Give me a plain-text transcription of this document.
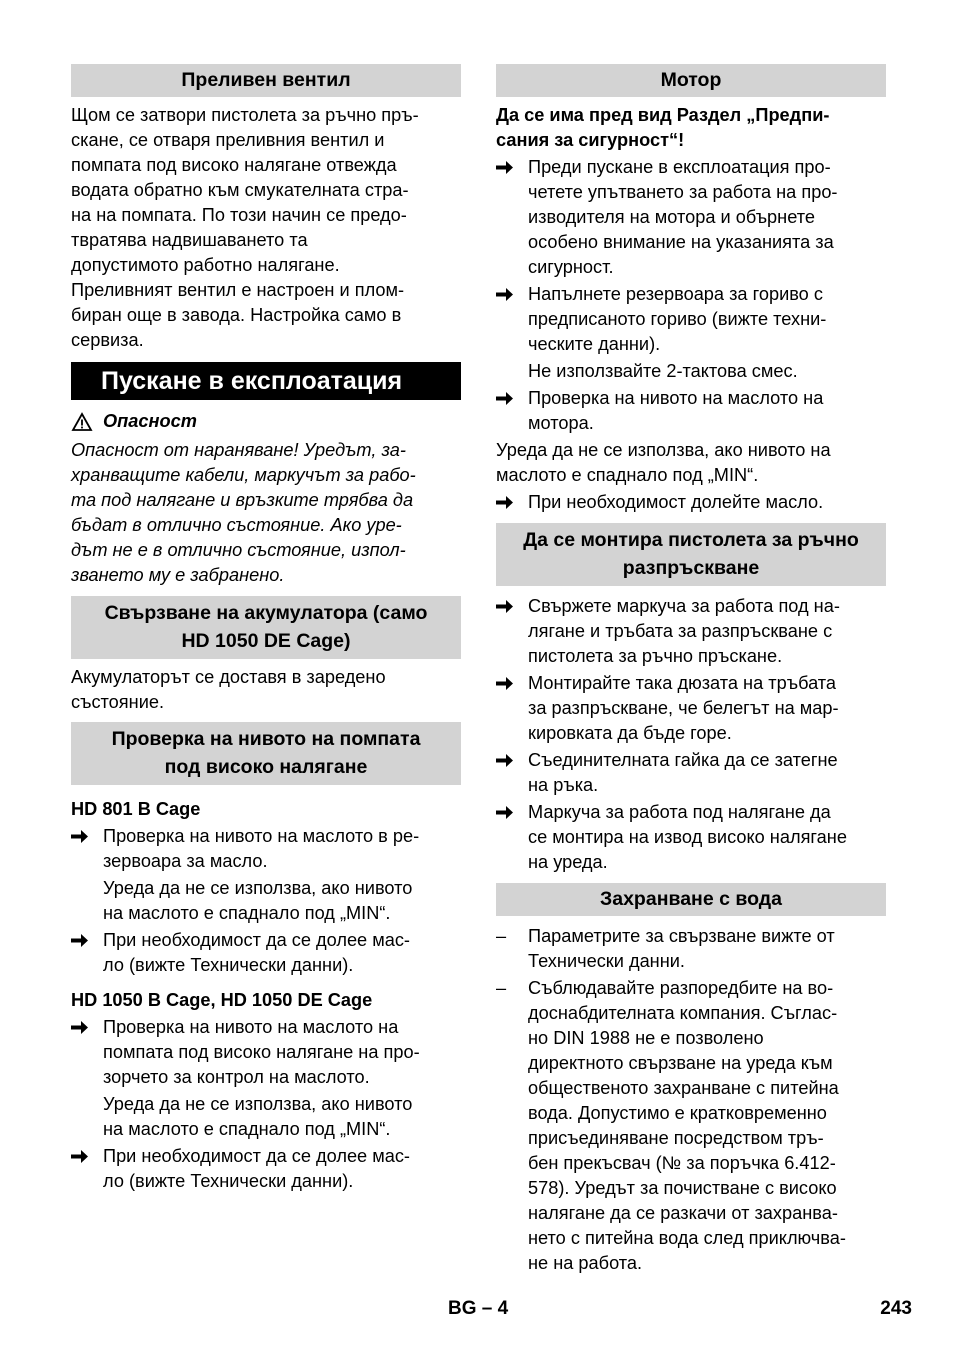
Преливен вентил
Щом се затвори пистолета за ръчно пръ-
скане, се отваря преливния вентил и
помпата под високо налягане отвежда
водата обратно към смукателната стра-
на на помпата. По този начин се предо-
твратява надвишаването та
допустимото работно налягане.
Преливният вентил е настроен и плом-
биран още в завода. Настройка само в
сервиза.
Пускане в експлоатация
Опасност
Опасност от нараняване! Уредът, за-
хранващите кабели, маркучът за рабо-
та под налягане и връзките трябва да
бъдат в отлично състояние. Ако уре-
дът не е в отлично състояние, изпол-
зването му е забранено.
Свързване на акумулатора (само
HD 1050 DE Cage)
Акумулаторът се доставя в заредено
състояние.
Проверка на нивото на помпата
под високо налягане
HD 801 B Cage
Проверка на нивото на маслото в ре-
зервоара за масло.
Уреда да не се използва, ако нивото
на маслото е спаднало под „MIN“.
При необходимост да се долее мас-
ло (вижте Технически данни).
HD 1050 B Cage, HD 1050 DE Cage
Проверка на нивото на маслото на
помпата под високо налягане на про-
зорчето за контрол на маслото.
Уреда да не се използва, ако нивото
на маслото е спаднало под „MIN“.
При необходимост да се долее мас-
ло (вижте Технически данни).
Мотор
Да се има пред вид Раздел „Предпи-
сания за сигурност“!
Преди пускане в експлоатация про-
четете упътването за работа на про-
изводителя на мотора и обърнете
особено внимание на указанията за
сигурност.
Напълнете резервоара за гориво с
предписаното гориво (вижте техни-
ческите данни).
Не използвайте 2-тактова смес.
Проверка на нивото на маслото на
мотора.
Уреда да не се използва, ако нивото на
маслото е спаднало под „MIN“.
При необходимост долейте масло.
Да се монтира пистолета за ръчно
разпръскване
Свържете маркуча за работа под на-
лягане и тръбата за разпръскване с
пистолета за ръчно пръскане.
Монтирайте така дюзата на тръбата
за разпръскване, че белегът на мар-
кировката да бъде горе.
Съединителната гайка да се затегне
на ръка.
Маркуча за работа под налягане да
се монтира на извод високо налягане
на уреда.
Захранване с вода
–	Параметрите за свързване вижте от
Технически данни.
–	Съблюдавайте разпоредбите на во-
доснабдителната компания. Съглас-
но DIN 1988 не е позволено
директното свързване на уреда към
общественото захранване с питейна
вода. Допустимо е кратковременно
присъединяване посредством тръ-
бен прекъсвач (№ за поръчка 6.412-
578). Уредът за почистване с високо
налягане да се разкачи от захранва-
нето с питейна вода след приключва-
не на работа.
BG – 4	243
